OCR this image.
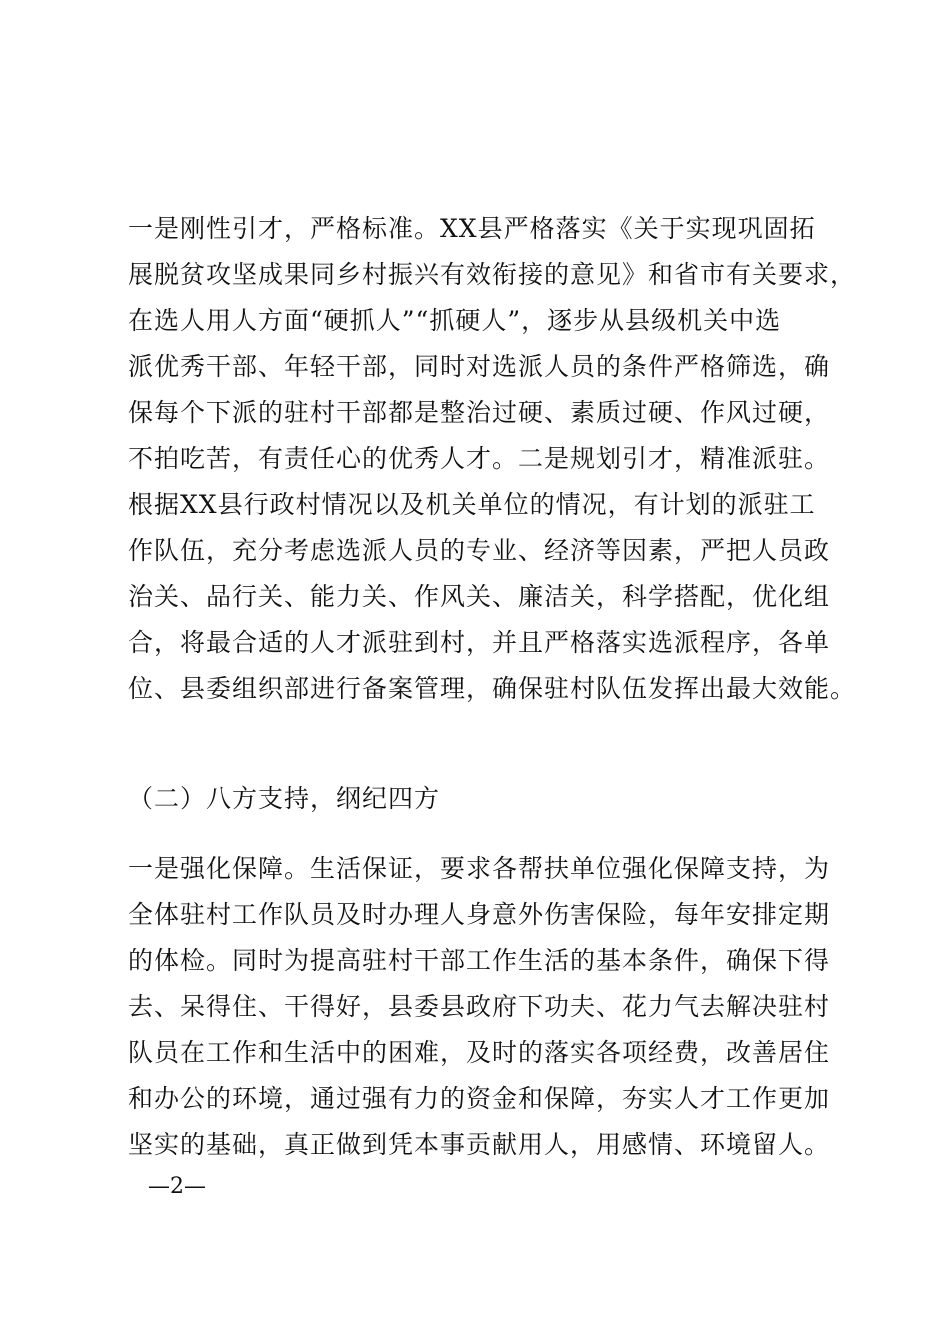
一是刚性引才，严格标准。XX县严格落实《关于实现巩固拓
展脱贫攻坚成果同乡村振兴有效衔接的意见》和省市有关要求，
在选人用人方面“硬抓人”“抓硬人”，逐步从县级机关中选
派优秀干部、年轻干部，同时对选派人员的条件严格筛选，确
保每个下派的驻村干部都是整治过硬、素质过硬、作风过硬，
不拍吃苦，有责任心的优秀人才。二是规划引才，精准派驻。
根据XX县行政村情况以及机关单位的情况，有计划的派驻工
作队伍，充分考虑选派人员的专业、经济等因素，严把人员政
治关、品行关、能力关、作风关、廉洁关，科学搭配，优化组
合，将最合适的人才派驻到村，并且严格落实选派程序，各单
位、县委组织部进行备案管理，确保驻村队伍发挥出最大效能。
（二）八方支持，纲纪四方
一是强化保障。生活保证，要求各帮扶单位强化保障支持，为
全体驻村工作队员及时办理人身意外伤害保险，每年安排定期
的体检。同时为提高驻村干部工作生活的基本条件，确保下得
去、呆得住、干得好，县委县政府下功夫、花力气去解决驻村
队员在工作和生活中的困难，及时的落实各项经费，改善居住
和办公的环境，通过强有力的资金和保障，夯实人才工作更加
坚实的基础，真正做到凭本事贡献用人，用感情、环境留人。
—2—
